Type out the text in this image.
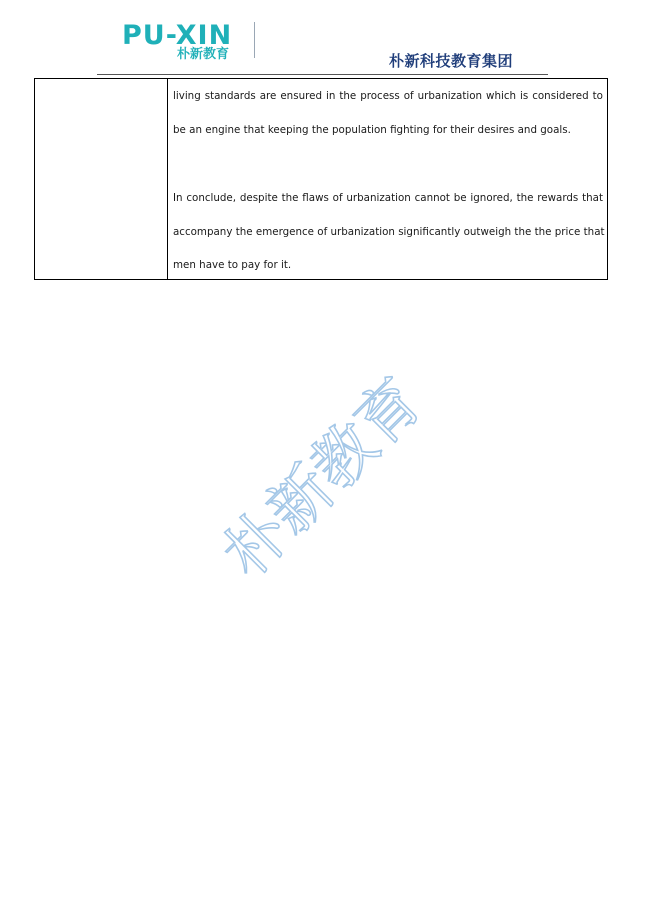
PU-XIN
朴新教育	朴新科技教育集团
living standards are ensured in the process of urbanization which is considered to
be an engine that keeping the population fighting for their desires and goals.
In conclude, despite the flaws of urbanization cannot be ignored, the rewards that
accompany the emergence of urbanization significantly outweigh the the price that
men have to pay for it.
朴新教育
